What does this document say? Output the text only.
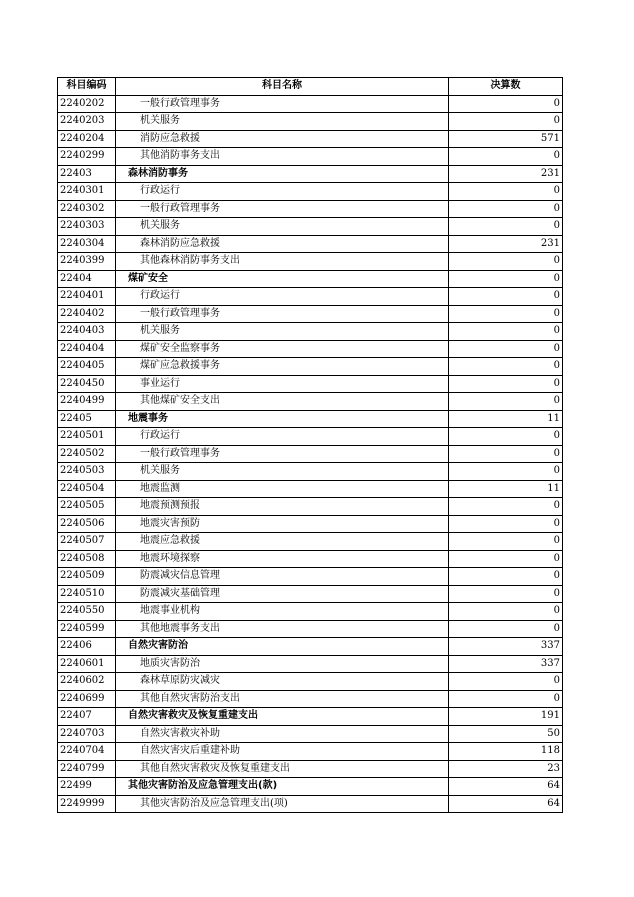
科目编码	科目名称	决算数
2240202	一般行政管理事务	0
2240203	机关服务	0
2240204	消防应急救援	571
2240299	其他消防事务支出	0
22403	森林消防事务	231
2240301	行政运行	0
2240302	一般行政管理事务	0
2240303	机关服务	0
2240304	森林消防应急救援	231
2240399	其他森林消防事务支出	0
22404	煤矿安全	0
2240401	行政运行	0
2240402	一般行政管理事务	0
2240403	机关服务	0
2240404	煤矿安全监察事务	0
2240405	煤矿应急救援事务	0
2240450	事业运行	0
2240499	其他煤矿安全支出	0
22405	地震事务	11
2240501	行政运行	0
2240502	一般行政管理事务	0
2240503	机关服务	0
2240504	地震监测	11
2240505	地震预测预报	0
2240506	地震灾害预防	0
2240507	地震应急救援	0
2240508	地震环境探察	0
2240509	防震减灾信息管理	0
2240510	防震减灾基础管理	0
2240550	地震事业机构	0
2240599	其他地震事务支出	0
22406	自然灾害防治	337
2240601	地质灾害防治	337
2240602	森林草原防灾减灾	0
2240699	其他自然灾害防治支出	0
22407	自然灾害救灾及恢复重建支出	191
2240703	自然灾害救灾补助	50
2240704	自然灾害灾后重建补助	118
2240799	其他自然灾害救灾及恢复重建支出	23
22499	其他灾害防治及应急管理支出(款)	64
2249999	其他灾害防治及应急管理支出(项)	64
